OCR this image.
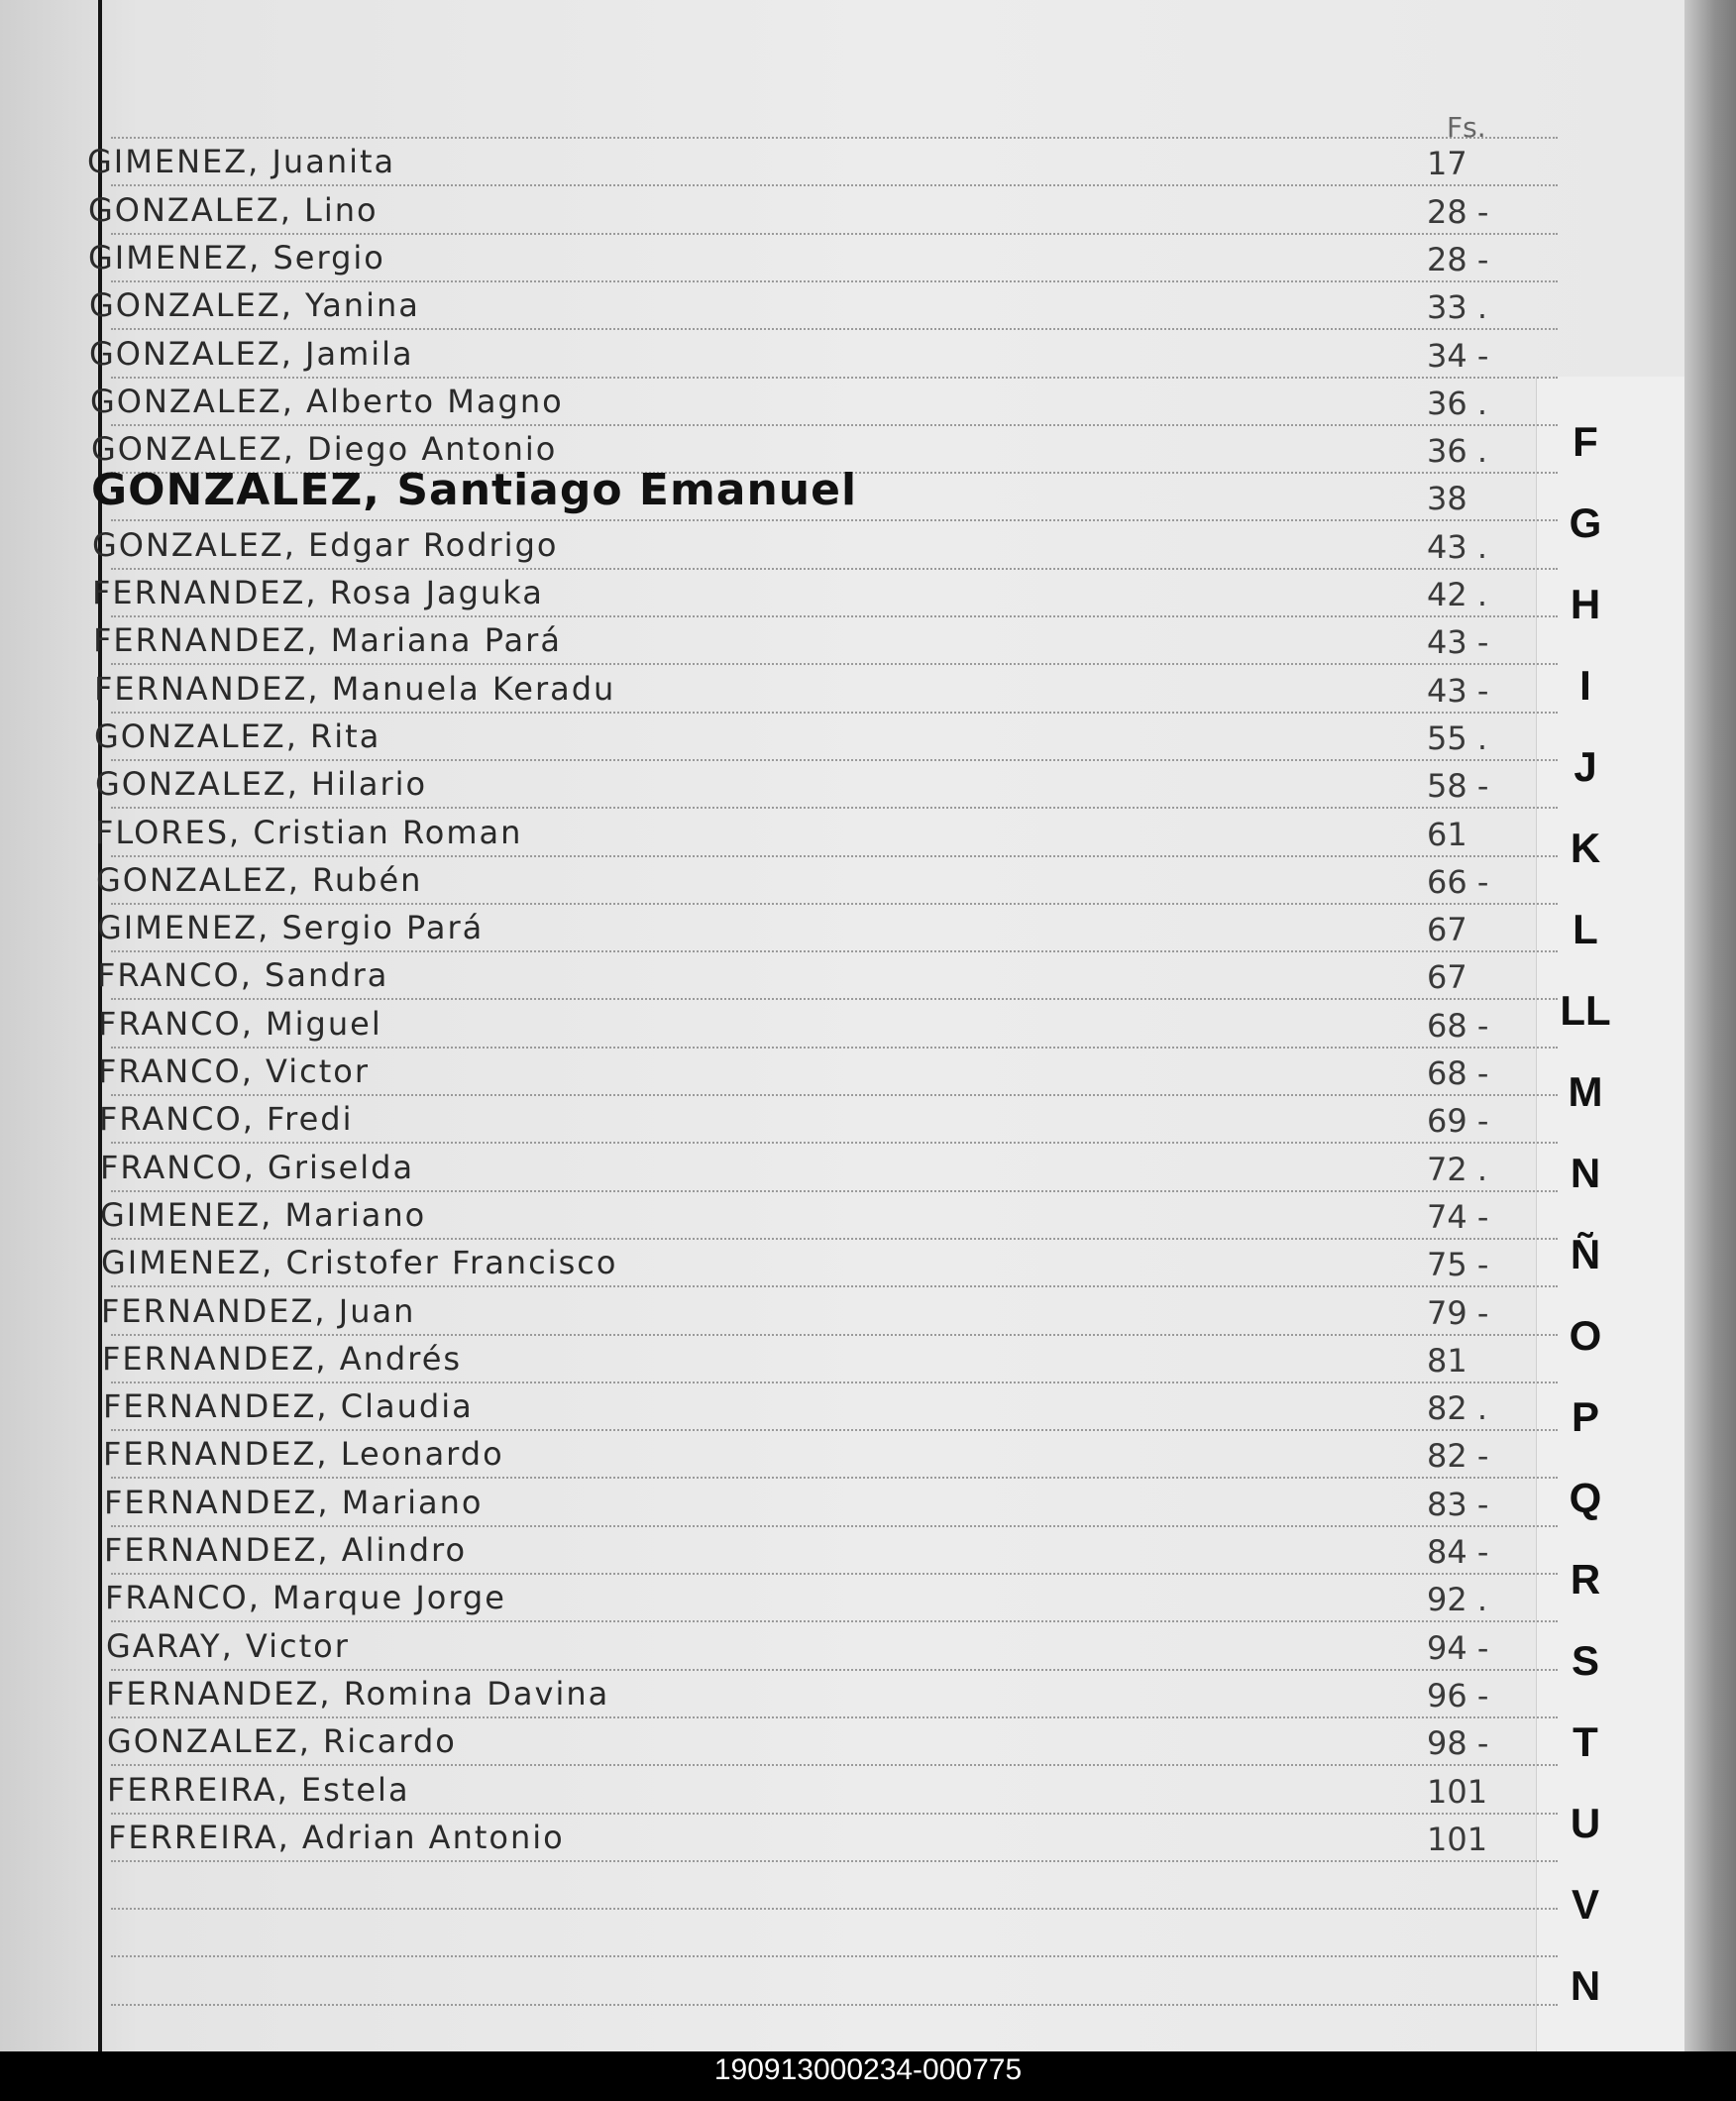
Fs.
GIMENEZ, Juanita	17
GONZALEZ, Lino	28 -
GIMENEZ, Sergio	28 -
GONZALEZ, Yanina	33 .
GONZALEZ, Jamila	34 -
GONZALEZ, Alberto Magno	36 .
GONZALEZ, Diego Antonio	36 .
GONZALEZ, Santiago Emanuel	38
GONZALEZ, Edgar Rodrigo	43 .
FERNANDEZ, Rosa Jaguka	42 .
FERNANDEZ, Mariana Pará	43 -
FERNANDEZ, Manuela Keradu	43 -
GONZALEZ, Rita	55 .
GONZALEZ, Hilario	58 -
FLORES, Cristian Roman	61
GONZALEZ, Rubén	66 -
GIMENEZ, Sergio Pará	67
FRANCO, Sandra	67
FRANCO, Miguel	68 -
FRANCO, Victor	68 -
FRANCO, Fredi	69 -
FRANCO, Griselda	72 .
GIMENEZ, Mariano	74 -
GIMENEZ, Cristofer Francisco	75 -
FERNANDEZ, Juan	79 -
FERNANDEZ, Andrés	81
FERNANDEZ, Claudia	82 .
FERNANDEZ, Leonardo	82 -
FERNANDEZ, Mariano	83 -
FERNANDEZ, Alindro	84 -
FRANCO, Marque Jorge	92 .
GARAY, Victor	94 -
FERNANDEZ, Romina Davina	96 -
GONZALEZ, Ricardo	98 -
FERREIRA, Estela	101
FERREIRA, Adrian Antonio	101
F
G
H
I
J
K
L
LL
M
N
Ñ
O
P
Q
R
S
T
U
V
N
190913000234-000775
